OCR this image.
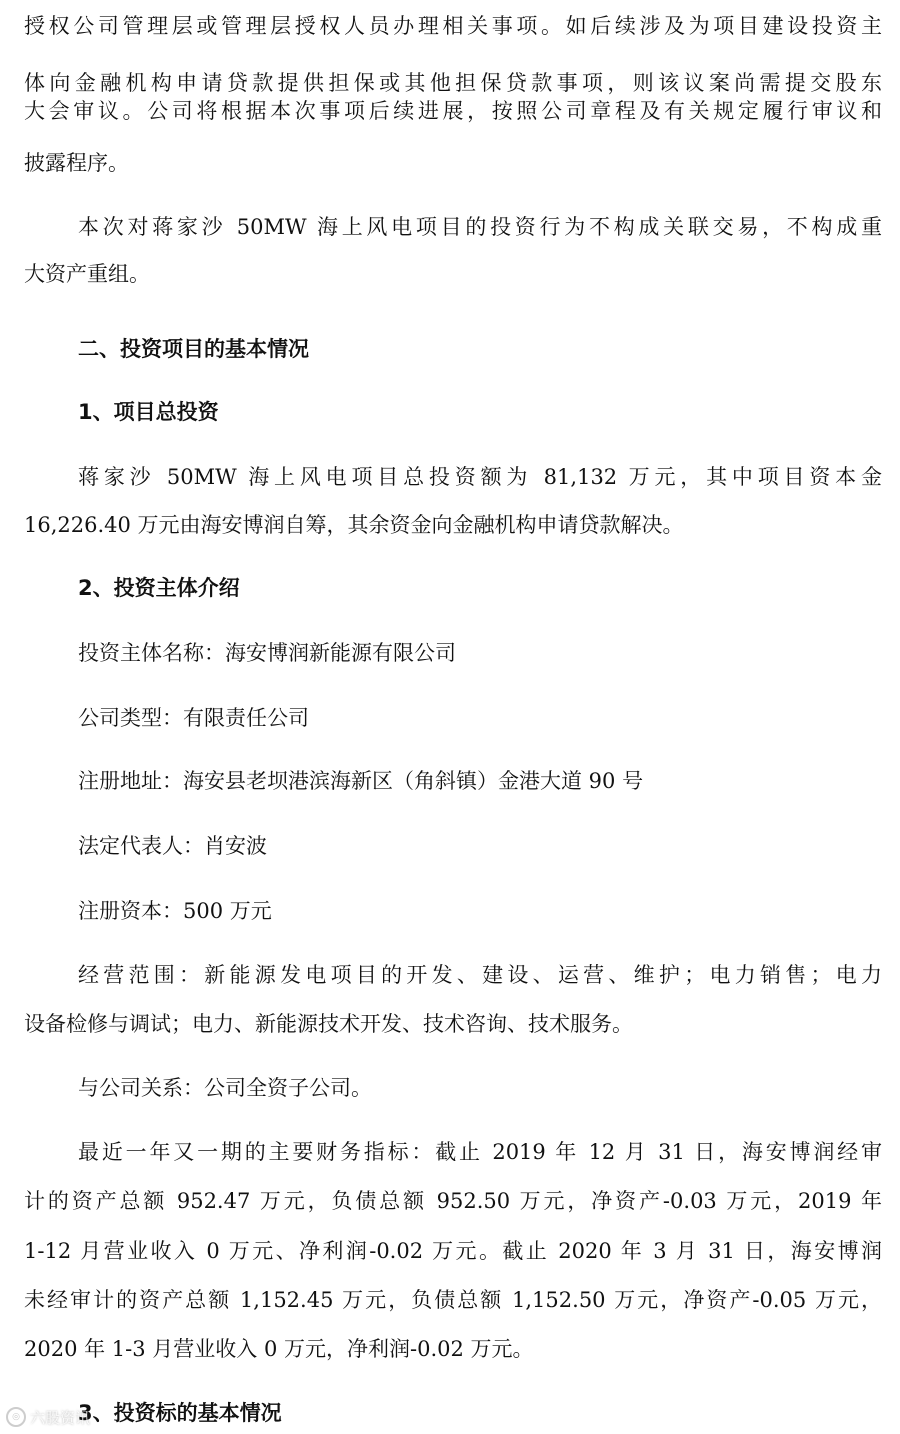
授权公司管理层或管理层授权人员办理相关事项。如后续涉及为项目建设投资主
体向金融机构申请贷款提供担保或其他担保贷款事项，则该议案尚需提交股东
大会审议。公司将根据本次事项后续进展，按照公司章程及有关规定履行审议和
披露程序。
本次对蒋家沙 50MW 海上风电项目的投资行为不构成关联交易，不构成重
大资产重组。
二、投资项目的基本情况
1、项目总投资
蒋家沙 50MW 海上风电项目总投资额为 81,132 万元，其中项目资本金
16,226.40 万元由海安博润自筹，其余资金向金融机构申请贷款解决。
2、投资主体介绍
投资主体名称：海安博润新能源有限公司
公司类型：有限责任公司
注册地址：海安县老坝港滨海新区（角斜镇）金港大道 90 号
法定代表人：肖安波
注册资本：500 万元
经营范围：新能源发电项目的开发、建设、运营、维护；电力销售；电力
设备检修与调试；电力、新能源技术开发、技术咨询、技术服务。
与公司关系：公司全资子公司。
最近一年又一期的主要财务指标：截止 2019 年 12 月 31 日，海安博润经审
计的资产总额 952.47 万元，负债总额 952.50 万元，净资产-0.03 万元，2019 年
1-12 月营业收入 0 万元、净利润-0.02 万元。截止 2020 年 3 月 31 日，海安博润
未经审计的资产总额 1,152.45 万元，负债总额 1,152.50 万元，净资产-0.05 万元，
2020 年 1-3 月营业收入 0 万元，净利润-0.02 万元。
3、投资标的基本情况
◎ 六股资讯
